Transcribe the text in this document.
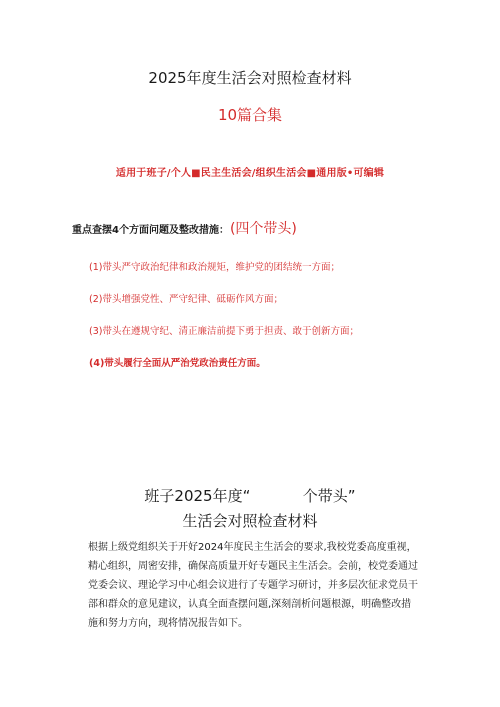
2025年度生活会对照检查材料
10篇合集
适用于班子/个人■民主生活会/组织生活会■通用版•可编辑
重点查摆4个方面问题及整改措施：(四个带头)
(1)带头严守政治纪律和政治规矩，维护党的团结统一方面；
(2)带头增强党性、严守纪律、砥砺作风方面；
(3)带头在遵规守纪、清正廉洁前提下勇于担责、敢于创新方面；
(4)带头履行全面从严治党政治责任方面。
班子2025年度“           个带头”
生活会对照检查材料
根据上级党组织关于开好2024年度民主生活会的要求,我校党委高度重视，
精心组织，周密安排，确保高质量开好专题民主生活会。会前，校党委通过
党委会议、理论学习中心组会议进行了专题学习研讨，并多层次征求党员干
部和群众的意见建议，认真全面查摆问题,深刻剖析问题根源，明确整改措
施和努力方向，现将情况报告如下。
